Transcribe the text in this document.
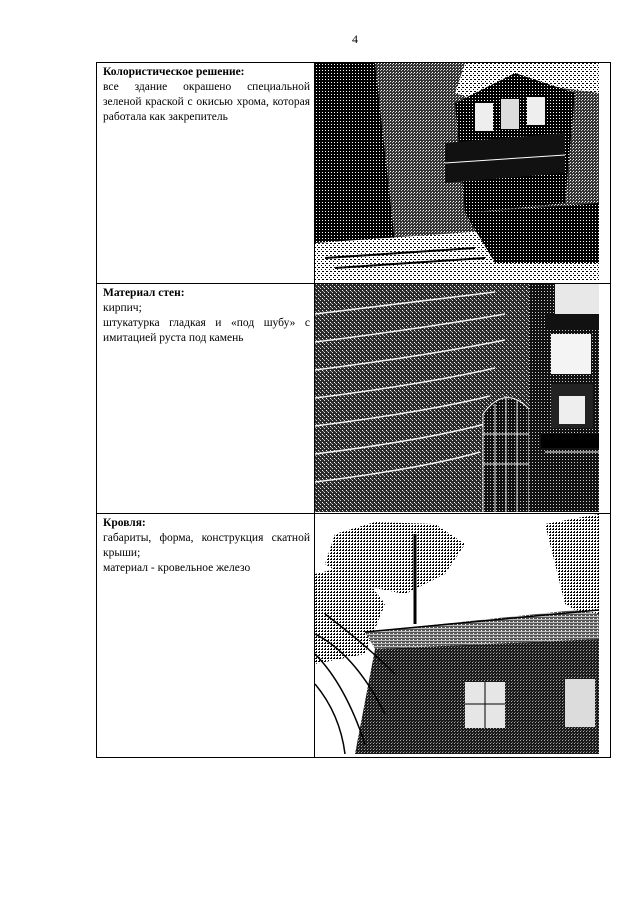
4
Колористическое решение:
все здание окрашено специальной зеленой краской с окисью хрома, которая работала как закрепитель

Материал стен:
кирпич;
штукатурка гладкая и «под шубу» с имитацией руста под камень

Кровля:
габариты, форма, конструкция скатной крыши;
материал - кровельное железо
